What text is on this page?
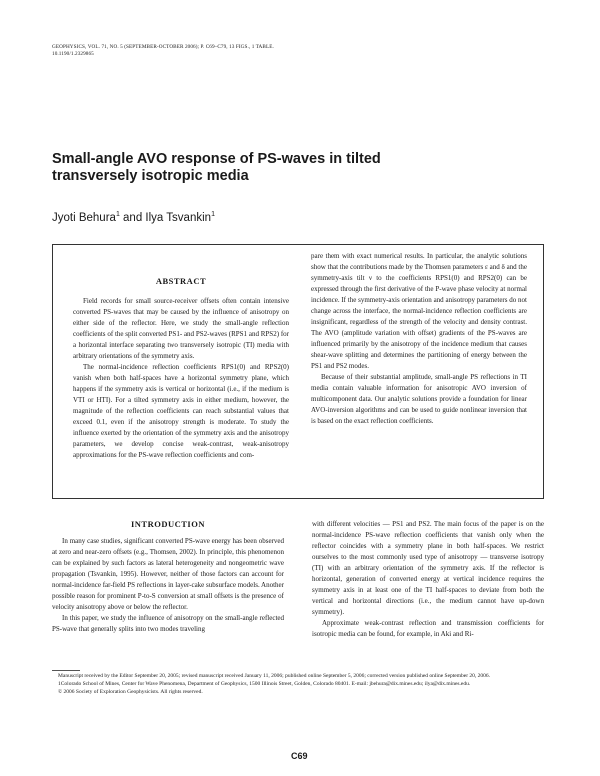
GEOPHYSICS, VOL. 71, NO. 5 (SEPTEMBER-OCTOBER 2006); P. C69–C79, 13 FIGS., 1 TABLE.
10.1190/1.2329865
Small-angle AVO response of PS-waves in tilted transversely isotropic media
Jyoti Behura$^1$ and Ilya Tsvankin$^1$
ABSTRACT

Field records for small source-receiver offsets often contain intensive converted PS-waves that may be caused by the influence of anisotropy on either side of the reflector. Here, we study the small-angle reflection coefficients of the split converted PS1- and PS2-waves (RPS1 and RPS2) for a horizontal interface separating two transversely isotropic (TI) media with arbitrary orientations of the symmetry axis.

The normal-incidence reflection coefficients RPS1(0) and RPS2(0) vanish when both half-spaces have a horizontal symmetry plane, which happens if the symmetry axis is vertical or horizontal (i.e., if the medium is VTI or HTI). For a tilted symmetry axis in either medium, however, the magnitude of the reflection coefficients can reach substantial values that exceed 0.1, even if the anisotropy strength is moderate. To study the influence exerted by the orientation of the symmetry axis and the anisotropy parameters, we develop concise weak-contrast, weak-anisotropy approximations for the PS-wave reflection coefficients and com-

pare them with exact numerical results. In particular, the analytic solutions show that the contributions made by the Thomsen parameters ε and δ and the symmetry-axis tilt ν to the coefficients RPS1(0) and RPS2(0) can be expressed through the first derivative of the P-wave phase velocity at normal incidence. If the symmetry-axis orientation and anisotropy parameters do not change across the interface, the normal-incidence reflection coefficients are insignificant, regardless of the strength of the velocity and density contrast. The AVO (amplitude variation with offset) gradients of the PS-waves are influenced primarily by the anisotropy of the incidence medium that causes shear-wave splitting and determines the partitioning of energy between the PS1 and PS2 modes.

Because of their substantial amplitude, small-angle PS reflections in TI media contain valuable information for anisotropic AVO inversion of multicomponent data. Our analytic solutions provide a foundation for linear AVO-inversion algorithms and can be used to guide nonlinear inversion that is based on the exact reflection coefficients.

INTRODUCTION

In many case studies, significant converted PS-wave energy has been observed at zero and near-zero offsets (e.g., Thomsen, 2002). In principle, this phenomenon can be explained by such factors as lateral heterogeneity and nongeometric wave propagation (Tsvankin, 1995). However, neither of those factors can account for normal-incidence far-field PS reflections in layer-cake subsurface models. Another possible reason for prominent P-to-S conversion at small offsets is the presence of velocity anisotropy above or below the reflector.

In this paper, we study the influence of anisotropy on the small-angle reflected PS-wave that generally splits into two modes traveling

with different velocities — PS1 and PS2. The main focus of the paper is on the normal-incidence PS-wave reflection coefficients that vanish only when the reflector coincides with a symmetry plane in both half-spaces. We restrict ourselves to the most commonly used type of anisotropy — transverse isotropy (TI) with an arbitrary orientation of the symmetry axis. If the reflector is horizontal, generation of converted energy at vertical incidence requires the symmetry axis in at least one of the TI half-spaces to deviate from both the vertical and horizontal directions (i.e., the medium cannot have up-down symmetry).

Approximate weak-contrast reflection and transmission coefficients for isotropic media can be found, for example, in Aki and Ri-

Manuscript received by the Editor September 20, 2005; revised manuscript received January 11, 2006; published online September 5, 2006; corrected version published online September 20, 2006.

1Colorado School of Mines, Center for Wave Phenomena, Department of Geophysics, 1500 Illinois Street, Golden, Colorado 80401. E-mail: jbehura@dix.mines.edu; ilya@dix.mines.edu.

© 2006 Society of Exploration Geophysicists. All rights reserved.

C69
